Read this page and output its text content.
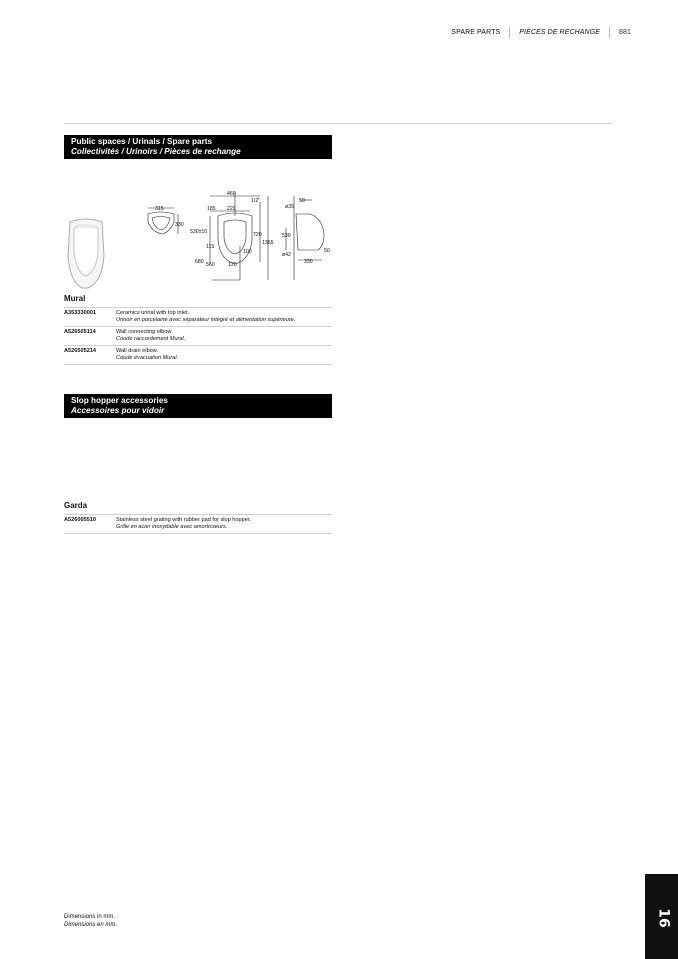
SPARE PARTS	PIÈCES DE RECHANGE	881
Public spaces / Urinals / Spare parts
Collectivités / Urinoirs / Pièces de rechange
315
330
460
1/2"
185 220
530±10
115
720
1365
100
680 560	120
50
ø35
530
ø42
50
330
Mural
A353330001	Ceramics urinal with top inlet.
Urinoir en porcelaine avec séparateur intégré et alimentation supérieure.

A526505114	Wall connecting elbow.
Coude raccordement Mural.

A526505214	Wall drain elbow.
Coude évacuation Mural.
Slop hopper accessories
Accessoires pour vidoir
Garda
A526005510	Stainless steel grating with rubber pad for slop hopper.
Grille en acier inoxydable avec amortisseurs.
Dimensions in mm.
Dimensions en mm.	16
